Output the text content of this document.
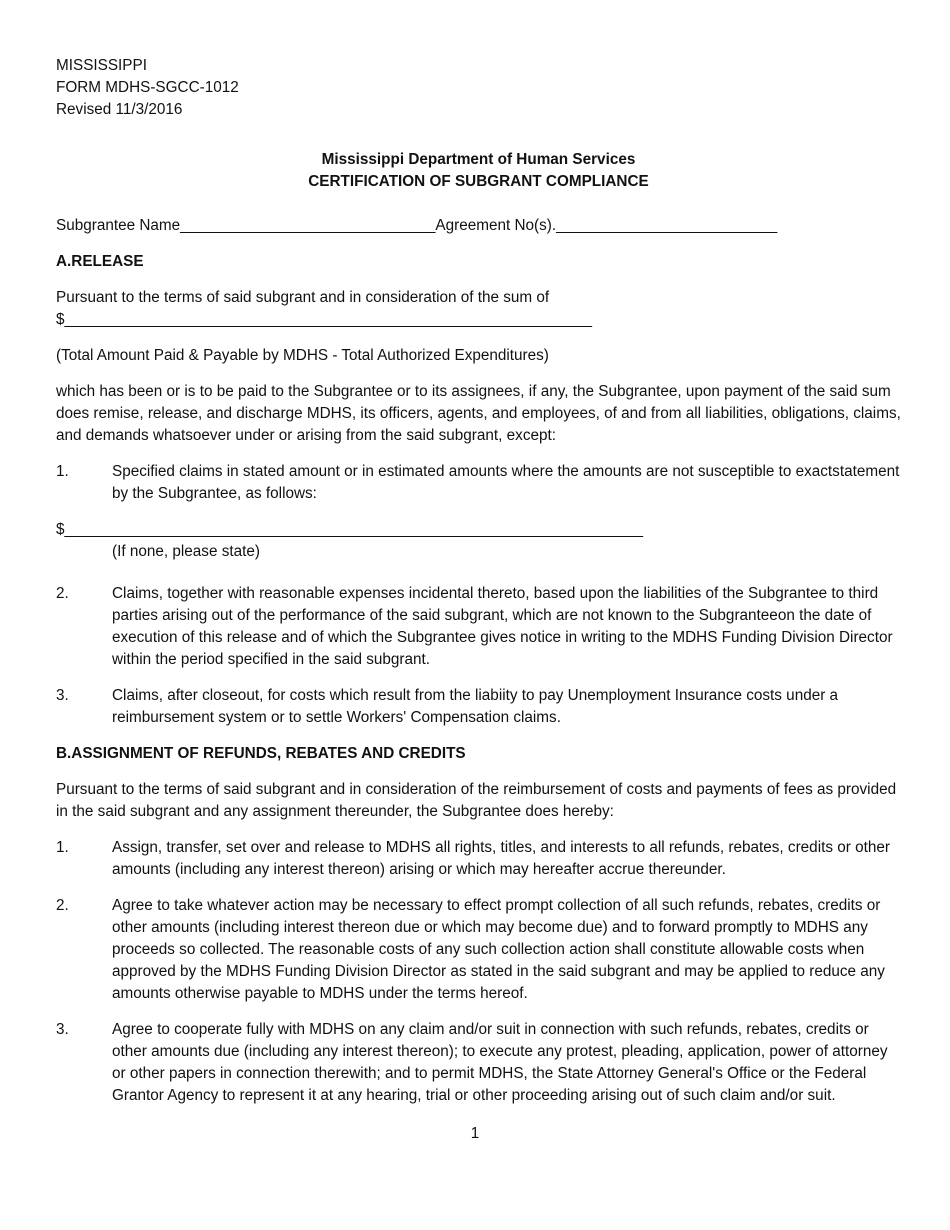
MISSISSIPPI
FORM MDHS-SGCC-1012
Revised 11/3/2016
Mississippi Department of Human Services
CERTIFICATION OF SUBGRANT COMPLIANCE
Subgrantee Name______________________________Agreement No(s).__________________________
A.RELEASE

Pursuant to the terms of said subgrant and in consideration of the sum of
$______________________________________________________________

(Total Amount Paid & Payable by MDHS - Total Authorized Expenditures)

which has been or is to be paid to the Subgrantee or to its assignees, if any, the Subgrantee, upon payment of the said sum does remise, release, and discharge MDHS, its officers, agents, and employees, of and from all liabilities, obligations, claims, and demands whatsoever under or arising from the said subgrant, except:

1.	Specified claims in stated amount or in estimated amounts where the amounts are not susceptible to exactstatement by the Subgrantee, as follows:
$____________________________________________________________________
(If none, please state)
2.	Claims, together with reasonable expenses incidental thereto, based upon the liabilities of the Subgrantee to third parties arising out of the performance of the said subgrant, which are not known to the Subgranteeon the date of execution of this release and of which the Subgrantee gives notice in writing to the MDHS Funding Division Director within the period specified in the said subgrant.
3.	Claims, after closeout, for costs which result from the liabiity to pay Unemployment Insurance costs under a reimbursement system or to settle Workers' Compensation claims.
B.ASSIGNMENT OF REFUNDS, REBATES AND CREDITS

Pursuant to the terms of said subgrant and in consideration of the reimbursement of costs and payments of fees as provided in the said subgrant and any assignment thereunder, the Subgrantee does hereby:

1.	Assign, transfer, set over and release to MDHS all rights, titles, and interests to all refunds, rebates, credits or other amounts (including any interest thereon) arising or which may hereafter accrue thereunder.
2.	Agree to take whatever action may be necessary to effect prompt collection of all such refunds, rebates, credits or other amounts (including interest thereon due or which may become due) and to forward promptly to MDHS any proceeds so collected. The reasonable costs of any such collection action shall constitute allowable costs when approved by the MDHS Funding Division Director as stated in the said subgrant and may be applied to reduce any amounts otherwise payable to MDHS under the terms hereof.
3.	Agree to cooperate fully with MDHS on any claim and/or suit in connection with such refunds, rebates, credits or other amounts due (including any interest thereon); to execute any protest, pleading, application, power of attorney or other papers in connection therewith; and to permit MDHS, the State Attorney General's Office or the Federal Grantor Agency to represent it at any hearing, trial or other proceeding arising out of such claim and/or suit.
1
